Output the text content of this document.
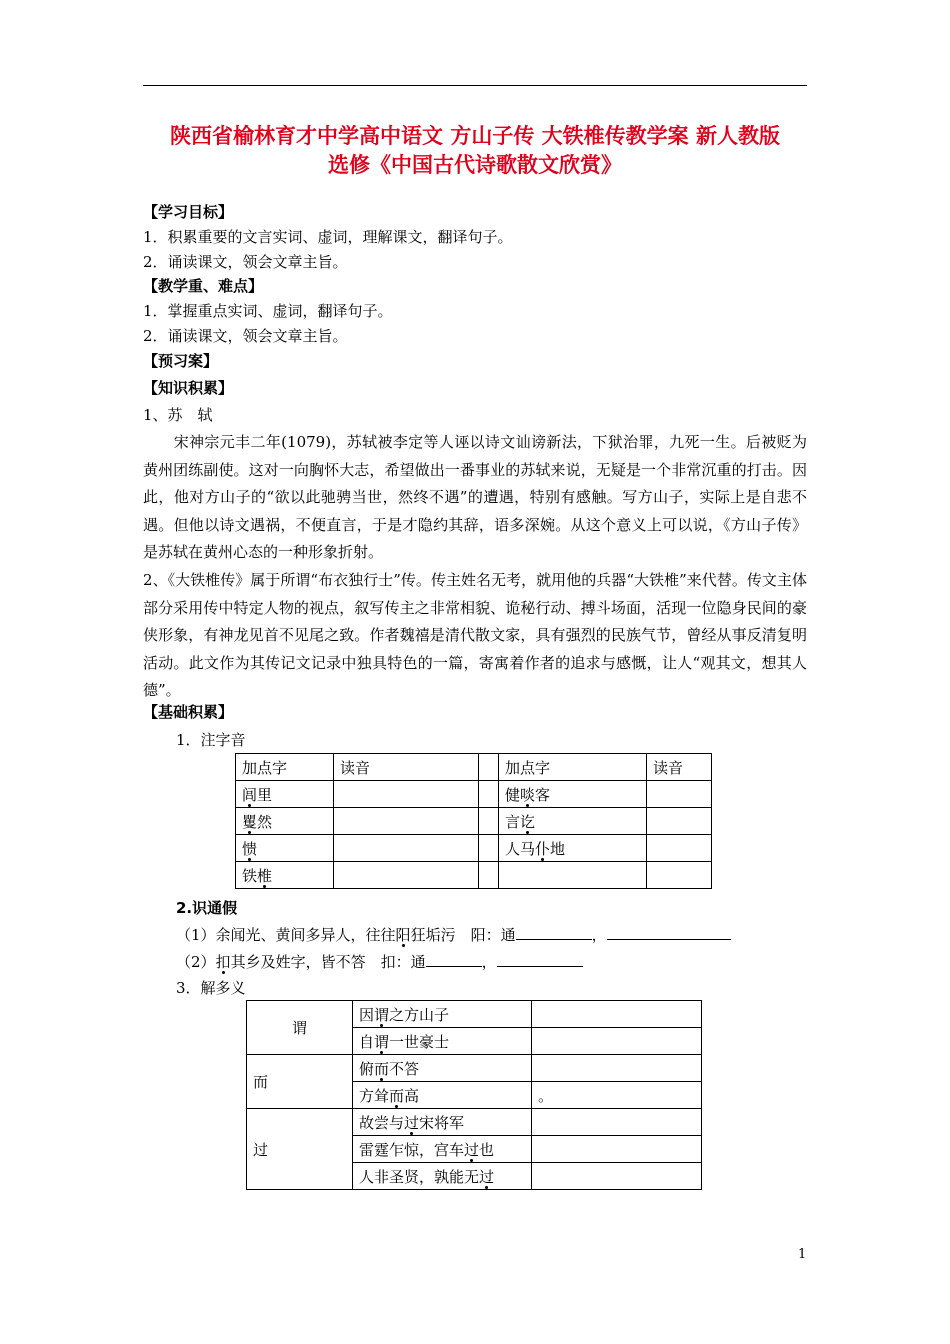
陕西省榆林育才中学高中语文 方山子传 大铁椎传教学案 新人教版
选修《中国古代诗歌散文欣赏》
【学习目标】
1．积累重要的文言实词、虚词，理解课文，翻译句子。
2．诵读课文，领会文章主旨。
【教学重、难点】
1．掌握重点实词、虚词，翻译句子。
2．诵读课文，领会文章主旨。
【预习案】
【知识积累】
1、苏　轼
　　宋神宗元丰二年(1079)，苏轼被李定等人诬以诗文讪谤新法，下狱治罪，九死一生。后被贬为黄州团练副使。这对一向胸怀大志，希望做出一番事业的苏轼来说，无疑是一个非常沉重的打击。因此，他对方山子的“欲以此驰骋当世，然终不遇”的遭遇，特别有感触。写方山子，实际上是自悲不遇。但他以诗文遇祸，不便直言，于是才隐约其辞，语多深婉。从这个意义上可以说，《方山子传》是苏轼在黄州心态的一种形象折射。
2、《大铁椎传》属于所谓“布衣独行士”传。传主姓名无考，就用他的兵器“大铁椎”来代替。传文主体部分采用传中特定人物的视点，叙写传主之非常相貌、诡秘行动、搏斗场面，活现一位隐身民间的豪侠形象，有神龙见首不见尾之致。作者魏禧是清代散文家，具有强烈的民族气节，曾经从事反清复明活动。此文作为其传记文记录中独具特色的一篇，寄寓着作者的追求与感慨，让人“观其文，想其人德”。
【基础积累】
1．注字音
加点字	读音		加点字	读音
闾里			健啖客	
矍然			言讫	
愦			人马仆地	
铁椎				
2.识通假
（1）余闻光、黄间多异人，往往阳狂垢污　阳：通	，
（2）扣其乡及姓字，皆不答　扣：通	，
3．解多义
谓	因谓之方山子	
	自谓一世豪士	
而	俯而不答	
	方耸而高	。
过	故尝与过宋将军	
	雷霆乍惊，宫车过也	
	人非圣贤，孰能无过	
1
